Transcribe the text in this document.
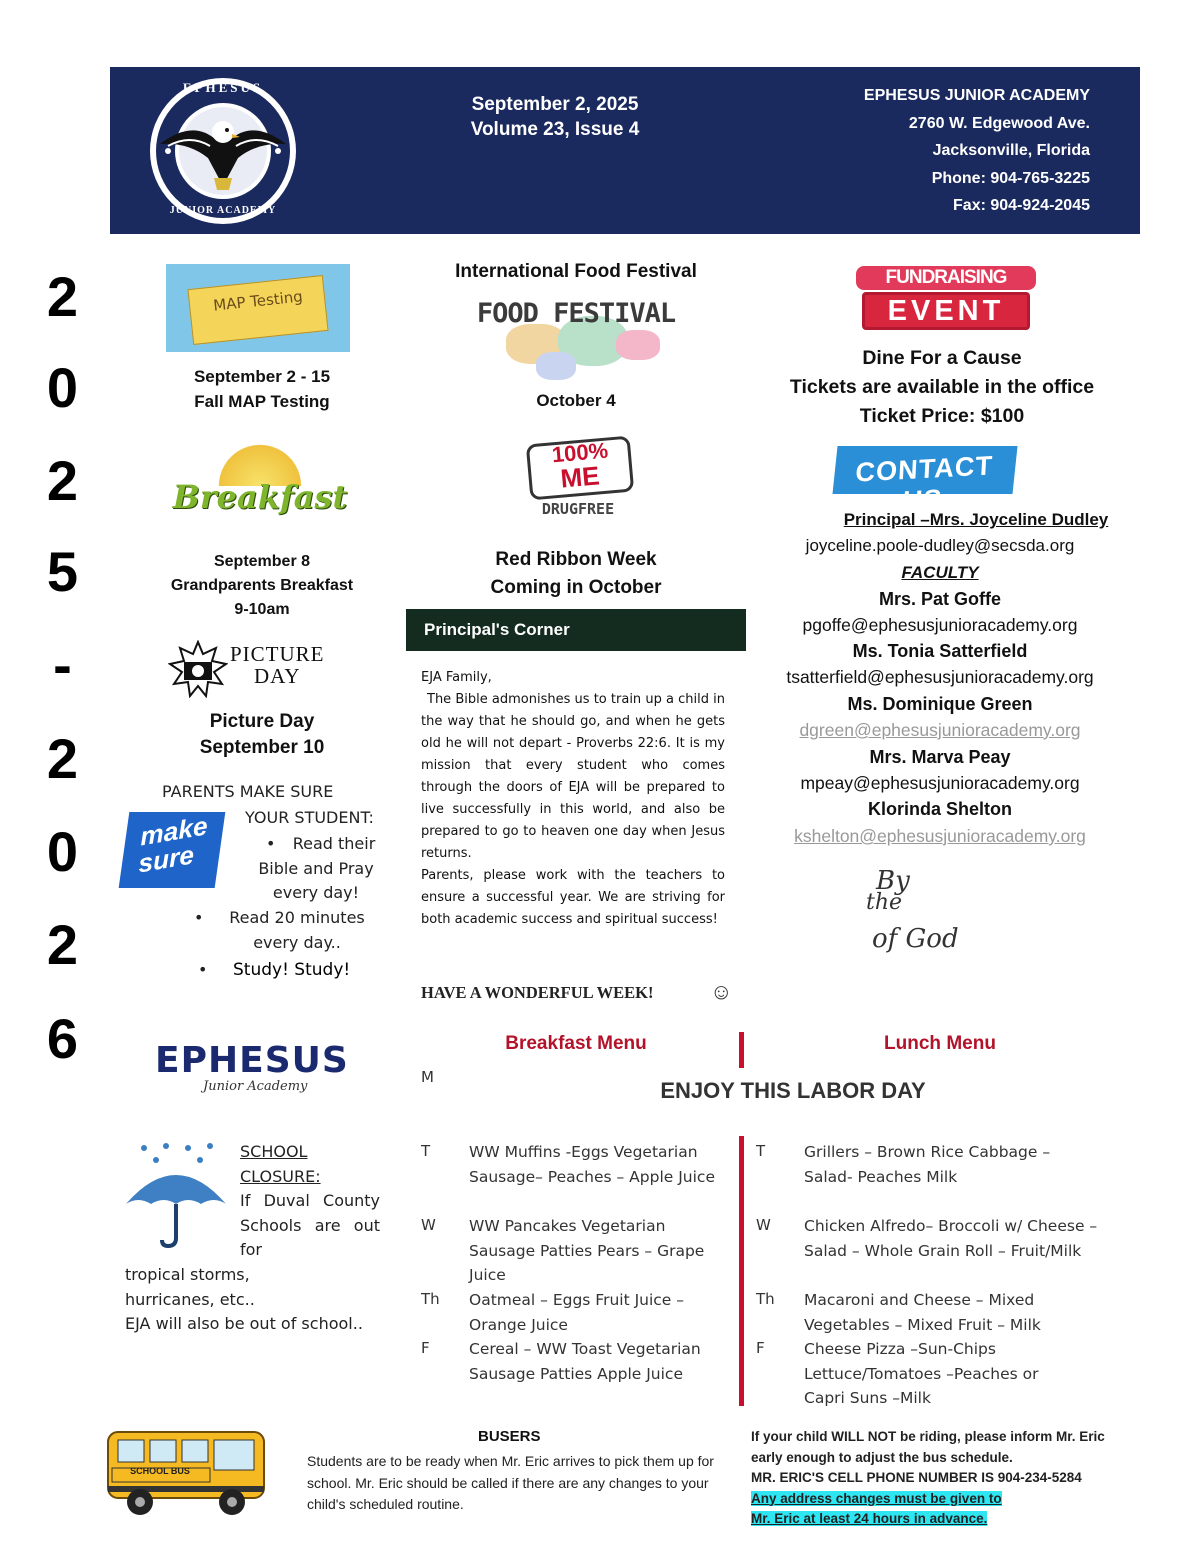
EPHESUS
JUNIOR ACADEMY
September 2, 2025
Volume 23, Issue 4
EPHESUS JUNIOR ACADEMY
2760 W. Edgewood Ave.
Jacksonville, Florida
Phone: 904-765-3225
Fax: 904-924-2045
2
0
2
5
-
2
0
2
6
MAP Testing
September 2 - 15
Fall MAP Testing
Breakfast
September 8
Grandparents Breakfast
9-10am
PICTURE
DAY
Picture Day
September 10
PARENTS MAKE SURE
make
sure
YOUR STUDENT:
•	Read their Bible and Pray every day!
•	Read 20 minutes every day..
• Study! Study!
EPHESUS
Junior Academy
SCHOOL CLOSURE:
If Duval County Schools are out for
tropical storms, hurricanes, etc..
EJA will also be out of school..
International Food Festival
FOOD FESTIVAL
October 4
100%
ME
DRUGFREE
Red Ribbon Week
Coming in October
Principal's Corner
EJA Family,
The Bible admonishes us to train up a child in the way that he should go, and when he gets old he will not depart - Proverbs 22:6. It is my mission that every student who comes through the doors of EJA will be prepared to live successfully in this world, and also be prepared to go to heaven one day when Jesus returns.
Parents, please work with the teachers to ensure a successful year. We are striving for both academic success and spiritual success!
HAVE A WONDERFUL WEEK!	☺
FUNDRAISING
EVENT
Dine For a Cause
Tickets are available in the office
Ticket Price: $100
CONTACT US
Principal –Mrs. Joyceline Dudley
joyceline.poole-dudley@secsda.org
FACULTY
Mrs. Pat Goffe
pgoffe@ephesusjunioracademy.org
Ms. Tonia Satterfield
tsatterfield@ephesusjunioracademy.org
Ms. Dominique Green
dgreen@ephesusjunioracademy.org
Mrs. Marva Peay
mpeay@ephesusjunioracademy.org
Klorinda Shelton
kshelton@ephesusjunioracademy.org
By
the
of God
Breakfast Menu	Lunch Menu
M
ENJOY THIS LABOR DAY
T	WW Muffins -Eggs Vegetarian Sausage– Peaches – Apple Juice
W WW Pancakes Vegetarian Sausage Patties Pears – Grape Juice
Th Oatmeal – Eggs Fruit Juice – Orange Juice
F	Cereal – WW Toast Vegetarian Sausage Patties Apple Juice
T	Grillers – Brown Rice Cabbage – Salad- Peaches Milk
W Chicken Alfredo– Broccoli w/ Cheese –Salad – Whole Grain Roll – Fruit/Milk
Th Macaroni and Cheese – Mixed Vegetables – Mixed Fruit – Milk
F	Cheese Pizza –Sun-Chips Lettuce/Tomatoes –Peaches or Capri Suns –Milk
SCHOOL BUS
BUSERS
Students are to be ready when Mr. Eric arrives to pick them up for school. Mr. Eric should be called if there are any changes to your child's scheduled routine.
If your child WILL NOT be riding, please inform Mr. Eric early enough to adjust the bus schedule.
MR. ERIC'S CELL PHONE NUMBER IS 904-234-5284
Any address changes must be given to
Mr. Eric at least 24 hours in advance.
